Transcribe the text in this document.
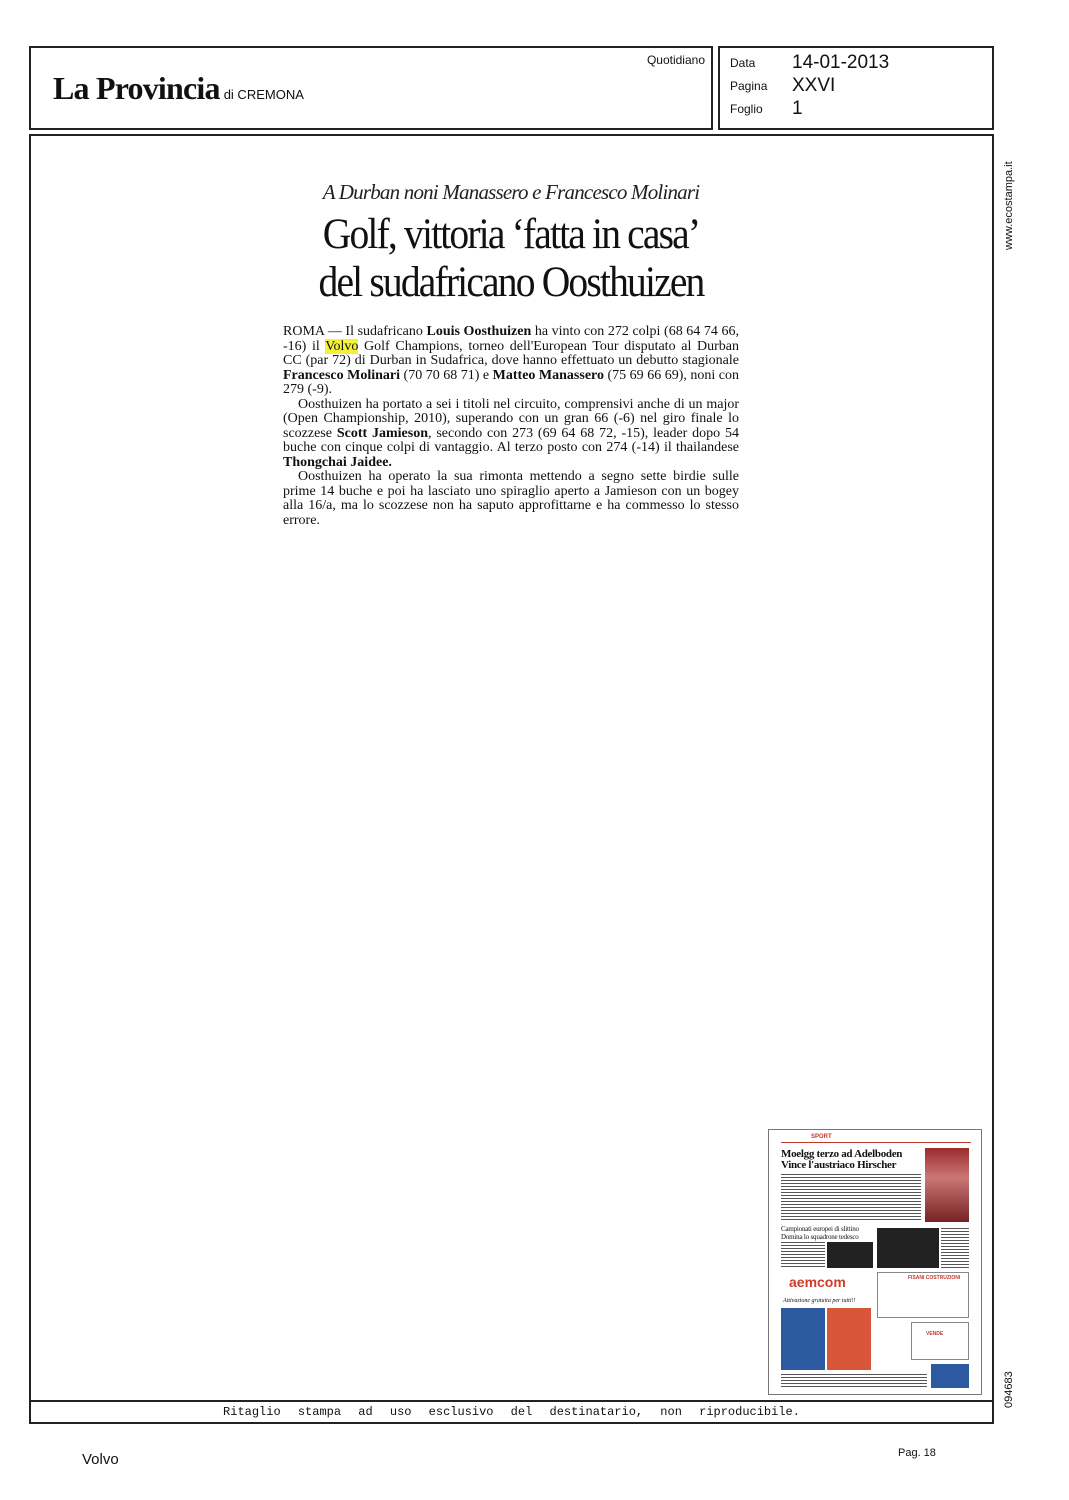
La Provincia di CREMONA
Quotidiano Data 14-01-2013
Pagina XXVI
Foglio 1
Ritaglio stampa ad uso esclusivo del destinatario, non riproducibile.
www.ecostampa.it
094683
A Durban noni Manassero e Francesco Molinari
Golf, vittoria ‘fatta in casa’
del sudafricano Oosthuizen

ROMA — Il sudafricano Louis Oosthuizen ha vinto con 272 colpi (68 64 74 66, -16) il Volvo Golf Champions, torneo dell'European Tour disputato al Durban CC (par 72) di Durban in Sudafrica, dove hanno effettuato un debutto stagionale Francesco Molinari (70 70 68 71) e Matteo Manassero (75 69 66 69), noni con 279 (-9).

Oosthuizen ha portato a sei i titoli nel circuito, comprensivi anche di un major (Open Championship, 2010), superando con un gran 66 (-6) nel giro finale lo scozzese Scott Jamieson, secondo con 273 (69 64 68 72, -15), leader dopo 54 buche con cinque colpi di vantaggio. Al terzo posto con 274 (-14) il thailandese Thongchai Jaidee.

Oosthuizen ha operato la sua rimonta mettendo a segno sette birdie sulle prime 14 buche e poi ha lasciato uno spiraglio aperto a Jamieson con un bogey alla 16/a, ma lo scozzese non ha saputo approfittarne e ha commesso lo stesso errore.

SPORT
Moelgg terzo ad Adelboden
Vince l'austriaco Hirscher
Campionati europei di slittino
Domina lo squadrone tedesco
aemcom
Attivazione gratuita per tutti!!
FISANI COSTRUZIONI
VENDE
Volvo	Pag. 18
